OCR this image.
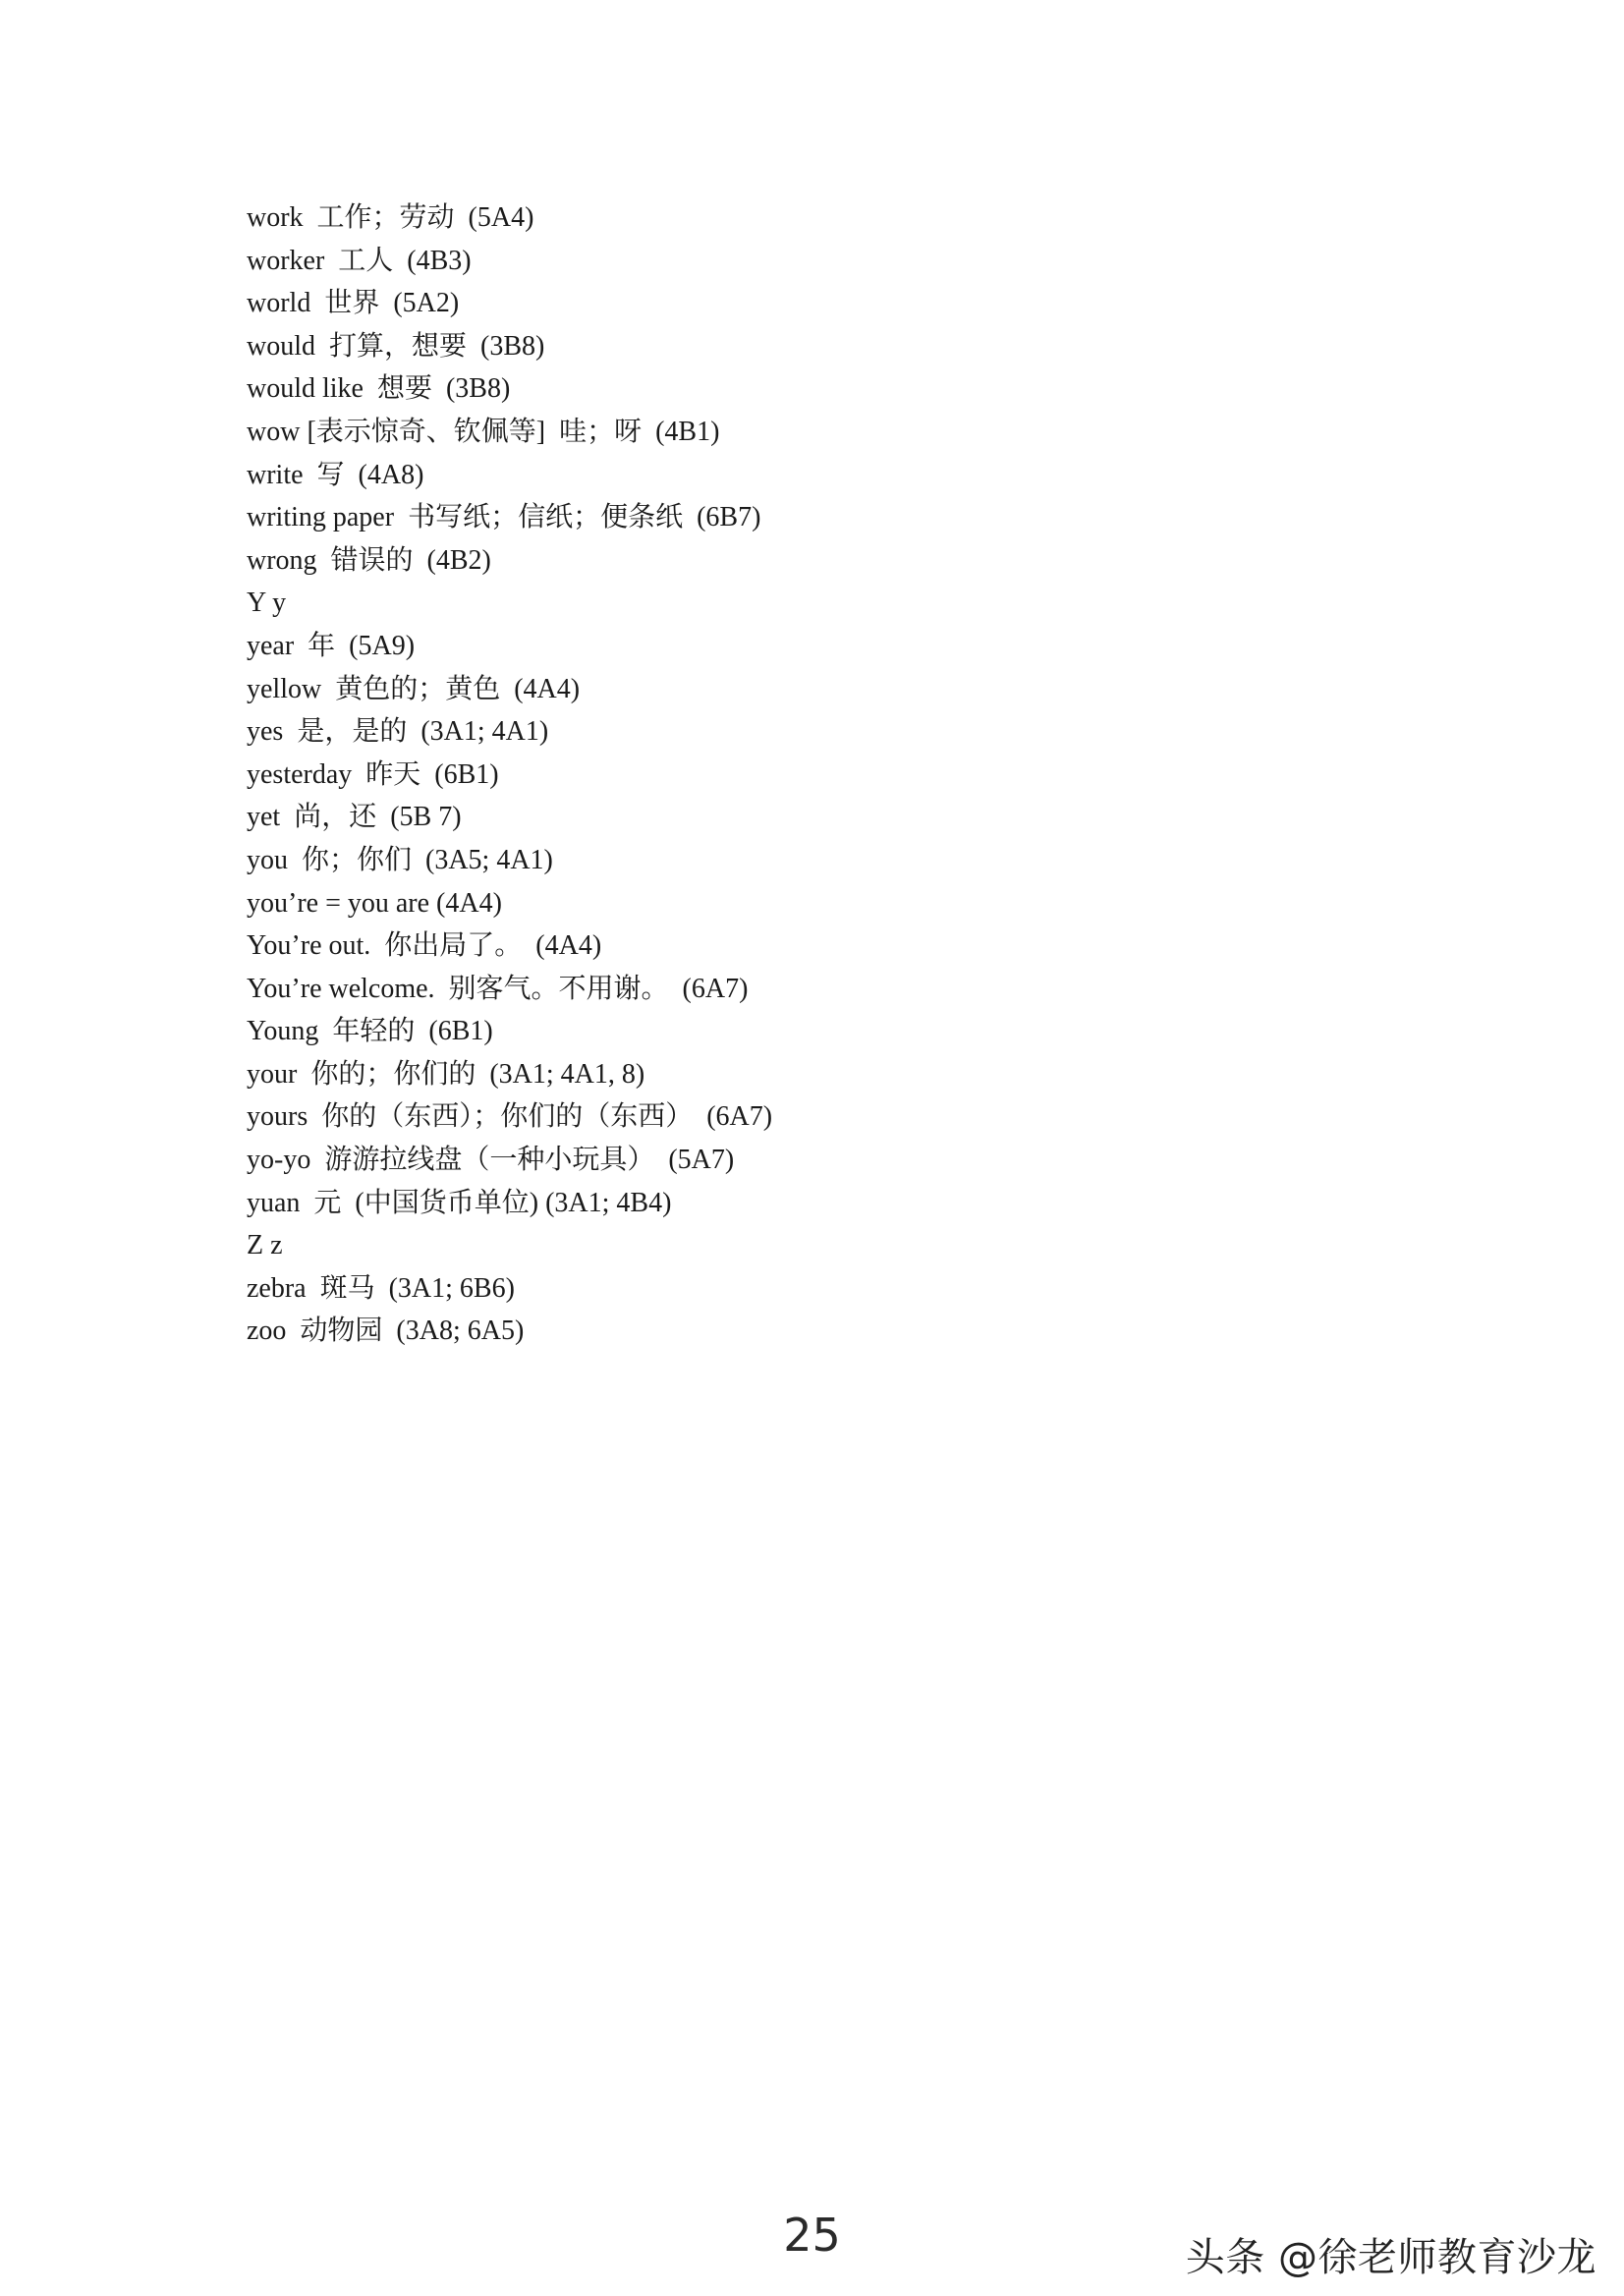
work  工作；劳动  (5A4)
worker  工人  (4B3)
world  世界  (5A2)
would  打算，想要  (3B8)
would like  想要  (3B8)
wow [表示惊奇、钦佩等]  哇；呀  (4B1)
write  写  (4A8)
writing paper  书写纸；信纸；便条纸  (6B7)
wrong  错误的  (4B2)
Y y
year  年  (5A9)
yellow  黄色的；黄色  (4A4)
yes  是，是的  (3A1; 4A1)
yesterday  昨天  (6B1)
yet  尚，还  (5B 7)
you  你；你们  (3A5; 4A1)
you’re = you are (4A4)
You’re out.  你出局了。  (4A4)
You’re welcome.  别客气。不用谢。  (6A7)
Young  年轻的  (6B1)
your  你的；你们的  (3A1; 4A1, 8)
yours  你的（东西）；你们的（东西）  (6A7)
yo-yo  游游拉线盘（一种小玩具）  (5A7)
yuan  元  (中国货币单位) (3A1; 4B4)
Z z
zebra  斑马  (3A1; 6B6)
zoo  动物园  (3A8; 6A5)
25	头条 @徐老师教育沙龙
